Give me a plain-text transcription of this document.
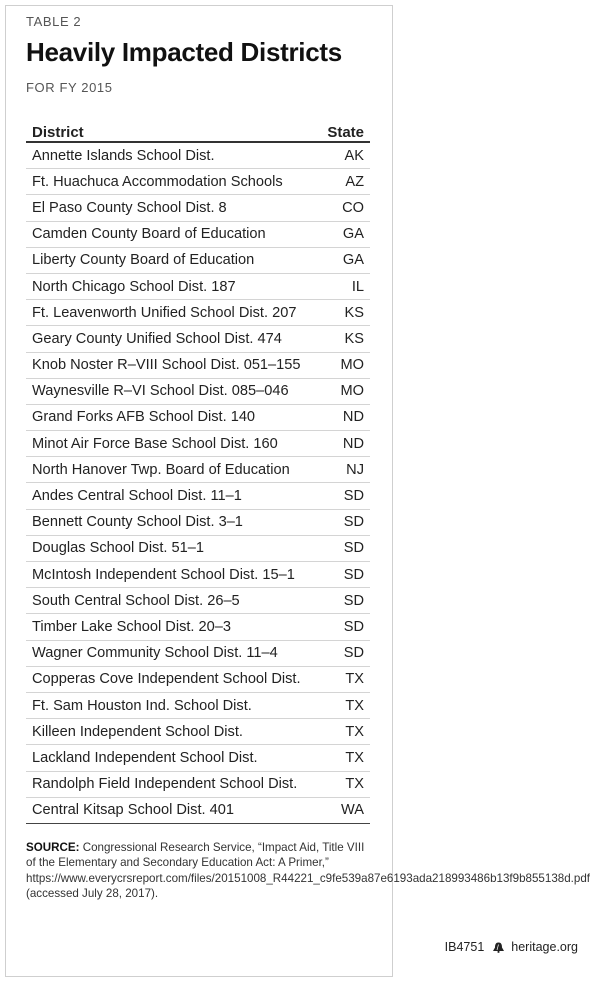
TABLE 2

Heavily Impacted Districts

FOR FY 2015

District	State
Annette Islands School Dist.	AK
Ft. Huachuca Accommodation Schools	AZ
El Paso County School Dist. 8	CO
Camden County Board of Education	GA
Liberty County Board of Education	GA
North Chicago School Dist. 187	IL
Ft. Leavenworth Unified School Dist. 207	KS
Geary County Unified School Dist. 474	KS
Knob Noster R–VIII School Dist. 051–155	MO
Waynesville R–VI School Dist. 085–046	MO
Grand Forks AFB School Dist. 140	ND
Minot Air Force Base School Dist. 160	ND
North Hanover Twp. Board of Education	NJ
Andes Central School Dist. 11–1	SD
Bennett County School Dist. 3–1	SD
Douglas School Dist. 51–1	SD
McIntosh Independent School Dist. 15–1	SD
South Central School Dist. 26–5	SD
Timber Lake School Dist. 20–3	SD
Wagner Community School Dist. 11–4	SD
Copperas Cove Independent School Dist.	TX
Ft. Sam Houston Ind. School Dist.	TX
Killeen Independent School Dist.	TX
Lackland Independent School Dist.	TX
Randolph Field Independent School Dist.	TX
Central Kitsap School Dist. 401	WA
SOURCE: Congressional Research Service, “Impact Aid, Title VIII of the Elementary and Secondary Education Act: A Primer,” https://www.everycrsreport.com/files/20151008_R44221_c9fe539a87e6193ada218993486b13f9b855138d.pdf (accessed July 28, 2017).
IB4751 heritage.org
